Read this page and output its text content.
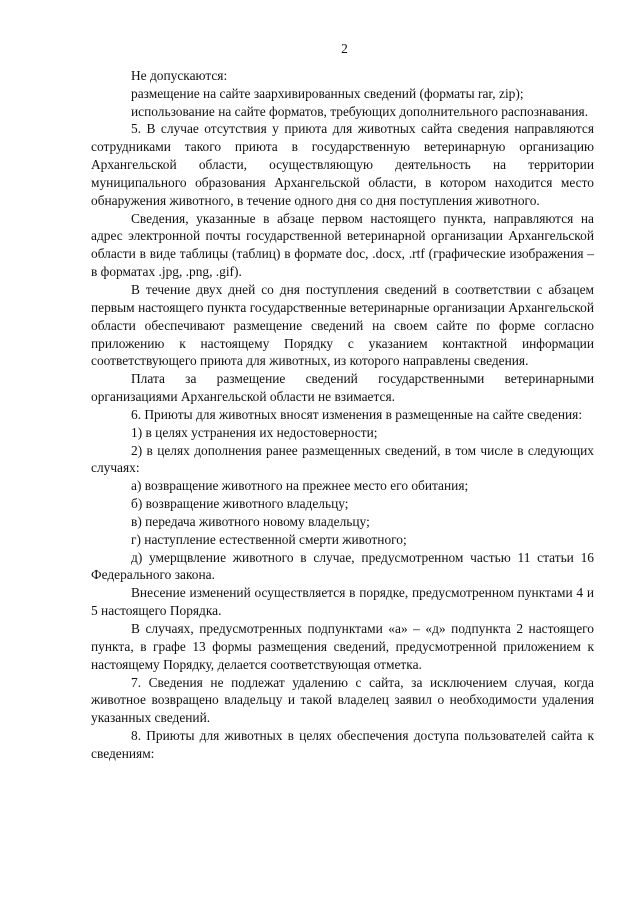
2

Не допускаются:

размещение на сайте заархивированных сведений (форматы rar, zip);

использование на сайте форматов, требующих дополнительного распознавания.

5. В случае отсутствия у приюта для животных сайта сведения направляются сотрудниками такого приюта в государственную ветеринарную организацию Архангельской области, осуществляющую деятельность на территории муниципального образования Архангельской области, в котором находится место обнаружения животного, в течение одного дня со дня поступления животного.

Сведения, указанные в абзаце первом настоящего пункта, направляются на адрес электронной почты государственной ветеринарной организации Архангельской области в виде таблицы (таблиц) в формате doc, .docx, .rtf (графические изображения – в форматах .jpg, .png, .gif).

В течение двух дней со дня поступления сведений в соответствии с абзацем первым настоящего пункта государственные ветеринарные организации Архангельской области обеспечивают размещение сведений на своем сайте по форме согласно приложению к настоящему Порядку с указанием контактной информации соответствующего приюта для животных, из которого направлены сведения.

Плата за размещение сведений государственными ветеринарными организациями Архангельской области не взимается.

6. Приюты для животных вносят изменения в размещенные на сайте сведения:

1) в целях устранения их недостоверности;

2) в целях дополнения ранее размещенных сведений, в том числе в следующих случаях:

а) возвращение животного на прежнее место его обитания;

б) возвращение животного владельцу;

в) передача животного новому владельцу;

г) наступление естественной смерти животного;

д) умерщвление животного в случае, предусмотренном частью 11 статьи 16 Федерального закона.

Внесение изменений осуществляется в порядке, предусмотренном пунктами 4 и 5 настоящего Порядка.

В случаях, предусмотренных подпунктами «а» – «д» подпункта 2 настоящего пункта, в графе 13 формы размещения сведений, предусмотренной приложением к настоящему Порядку, делается соответствующая отметка.

7. Сведения не подлежат удалению с сайта, за исключением случая, когда животное возвращено владельцу и такой владелец заявил о необходимости удаления указанных сведений.

8. Приюты для животных в целях обеспечения доступа пользователей сайта к сведениям:
